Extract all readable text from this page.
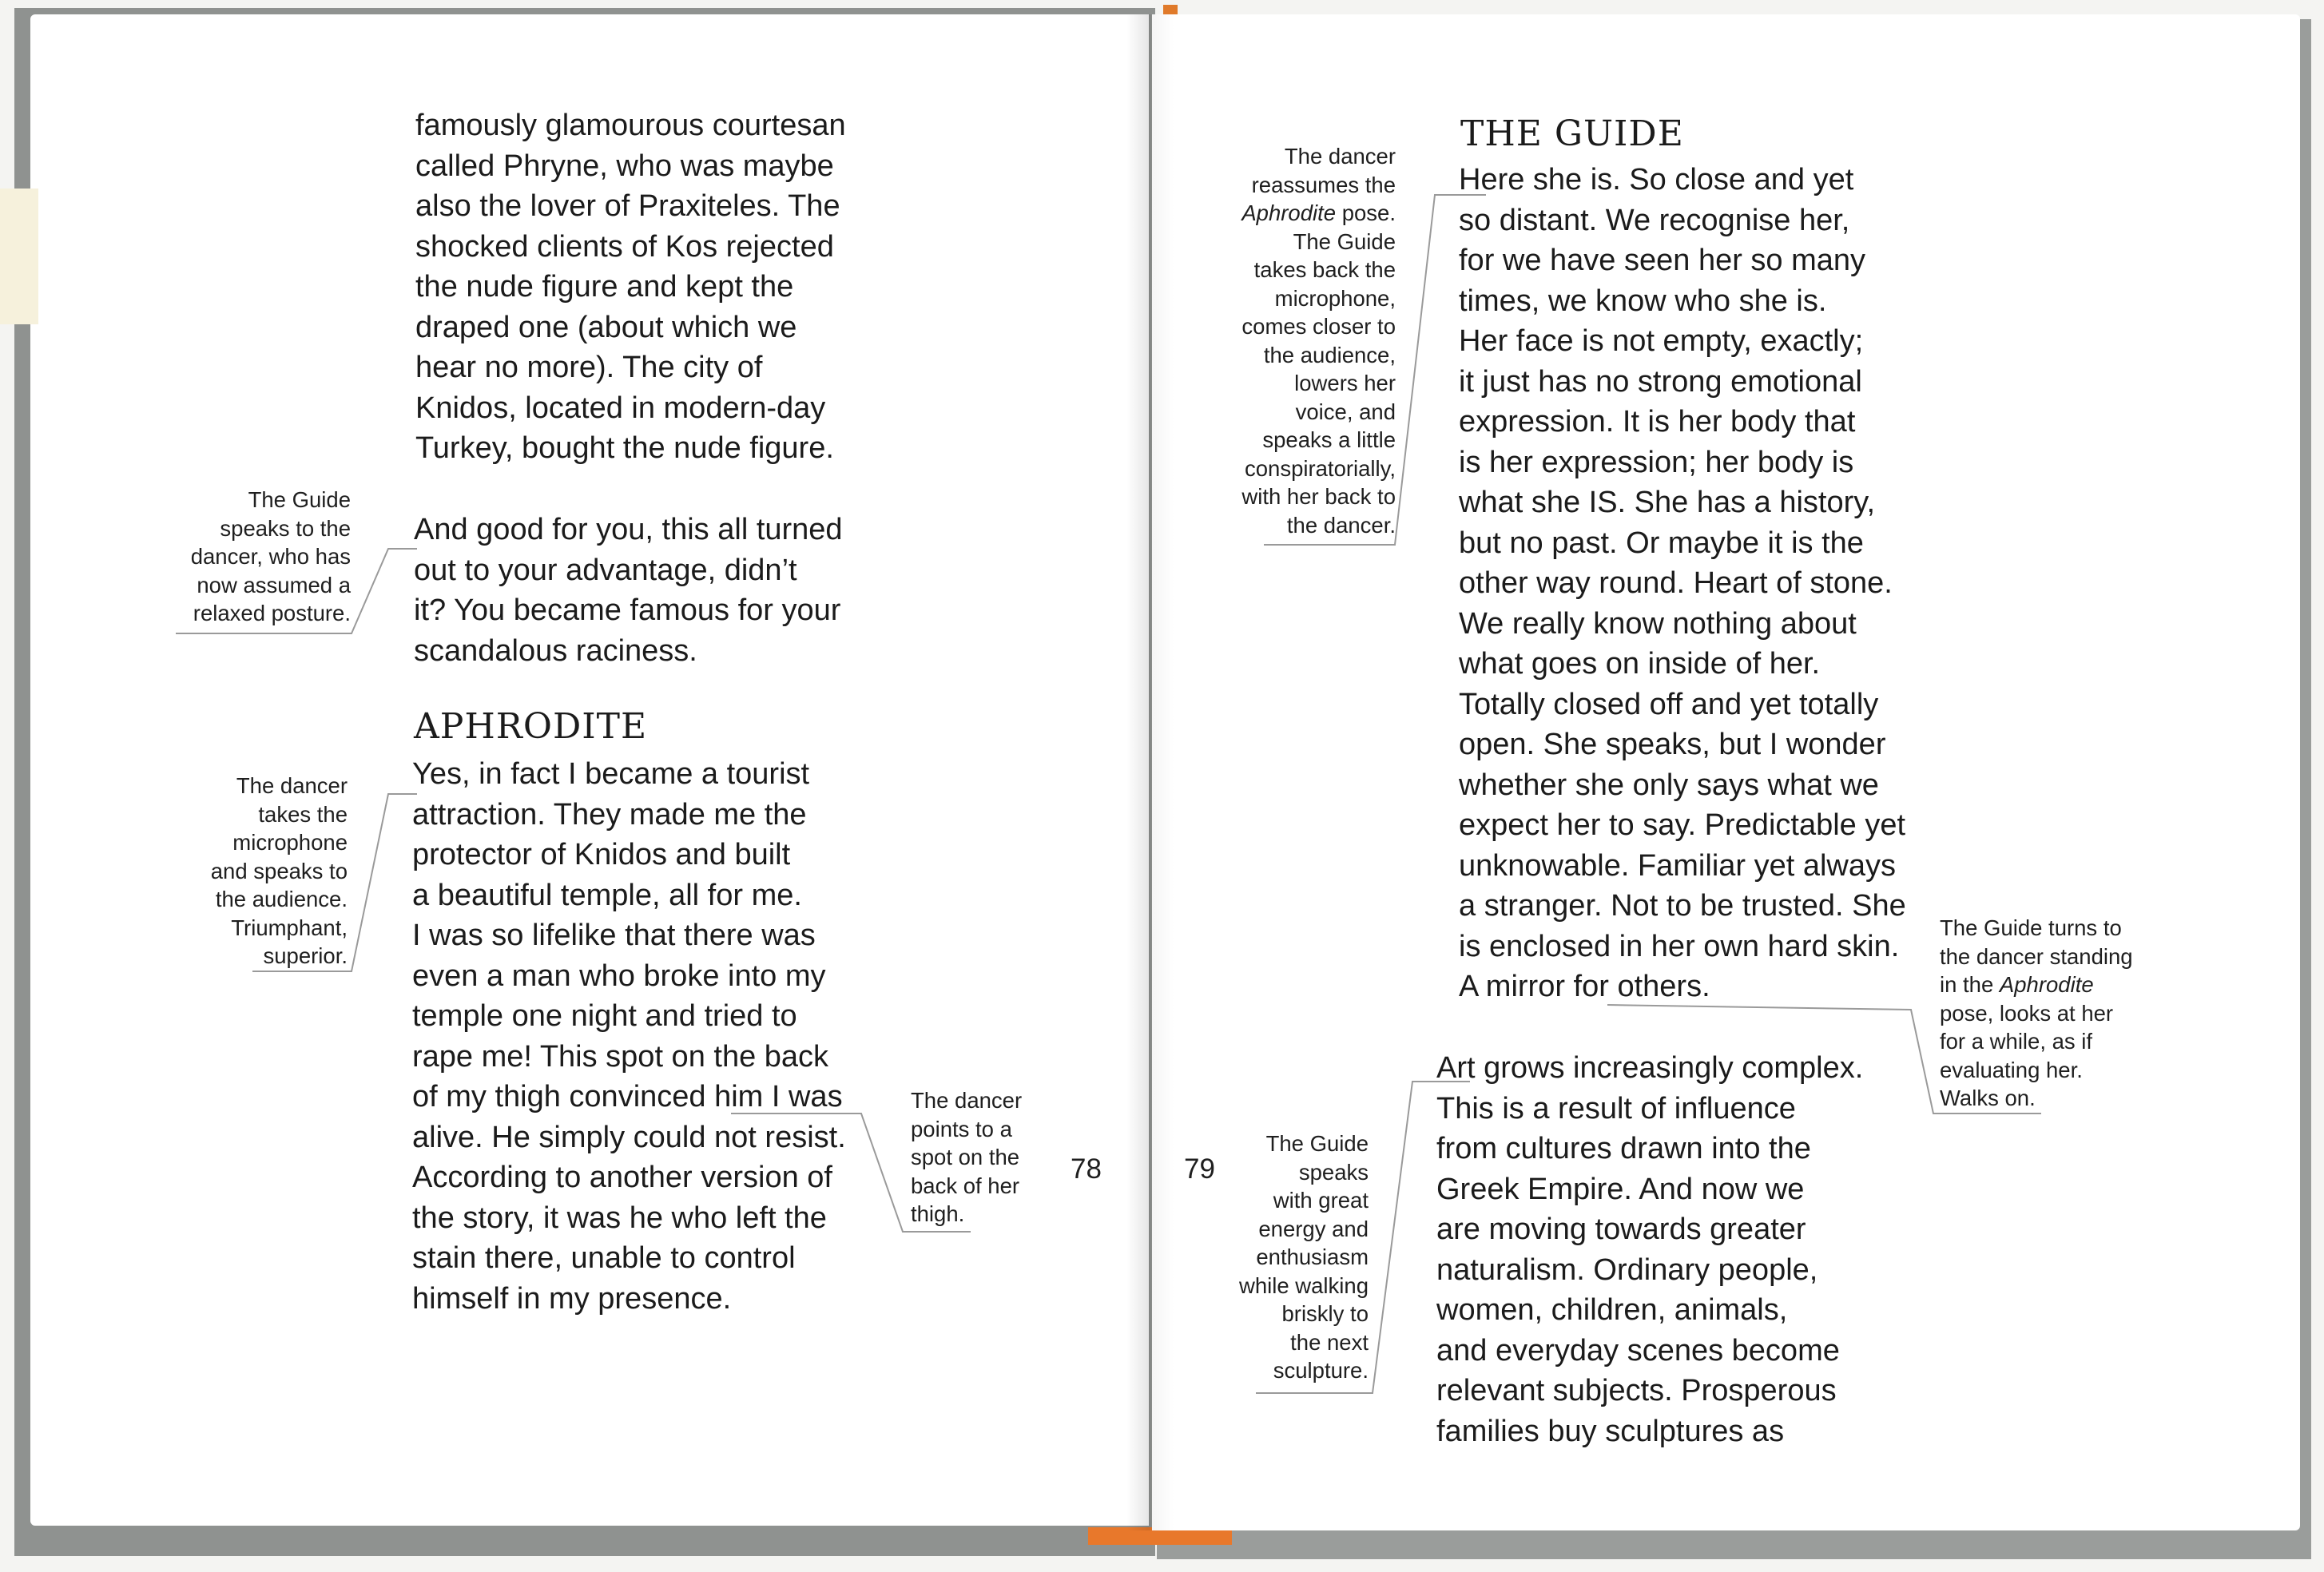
famously glamourous courtesan
called Phryne, who was maybe
also the lover of Praxiteles. The
shocked clients of Kos rejected
the nude figure and kept the
draped one (about which we
hear no more). The city of
Knidos, located in modern-day
Turkey, bought the nude figure.
And good for you, this all turned
out to your advantage, didn’t
it? You became famous for your
scandalous raciness.
APHRODITE
Yes, in fact I became a tourist
attraction. They made me the
protector of Knidos and built
a beautiful temple, all for me.
I was so lifelike that there was
even a man who broke into my
temple one night and tried to
rape me! This spot on the back
of my thigh convinced him I was
alive. He simply could not resist.
According to another version of
the story, it was he who left the
stain there, unable to control
himself in my presence.
The Guide
speaks to the
dancer, who has
now assumed a
relaxed posture.
The dancer
takes the
microphone
and speaks to
the audience.
Triumphant,
superior.
The dancer
points to a
spot on the
back of her
thigh.
78	79
THE GUIDE
Here she is. So close and yet
so distant. We recognise her,
for we have seen her so many
times, we know who she is.
Her face is not empty, exactly;
it just has no strong emotional
expression. It is her body that
is her expression; her body is
what she IS. She has a history,
but no past. Or maybe it is the
other way round. Heart of stone.
We really know nothing about
what goes on inside of her.
Totally closed off and yet totally
open. She speaks, but I wonder
whether she only says what we
expect her to say. Predictable yet
unknowable. Familiar yet always
a stranger. Not to be trusted. She
is enclosed in her own hard skin.
A mirror for others.
Art grows increasingly complex.
This is a result of influence
from cultures drawn into the
Greek Empire. And now we
are moving towards greater
naturalism. Ordinary people,
women, children, animals,
and everyday scenes become
relevant subjects. Prosperous
families buy sculptures as
The dancer
reassumes the
Aphrodite pose.
The Guide
takes back the
microphone,
comes closer to
the audience,
lowers her
voice, and
speaks a little
conspiratorially,
with her back to
the dancer.
The Guide turns to
the dancer standing
in the Aphrodite
pose, looks at her
for a while, as if
evaluating her.
Walks on.
The Guide
speaks
with great
energy and
enthusiasm
while walking
briskly to
the next
sculpture.
